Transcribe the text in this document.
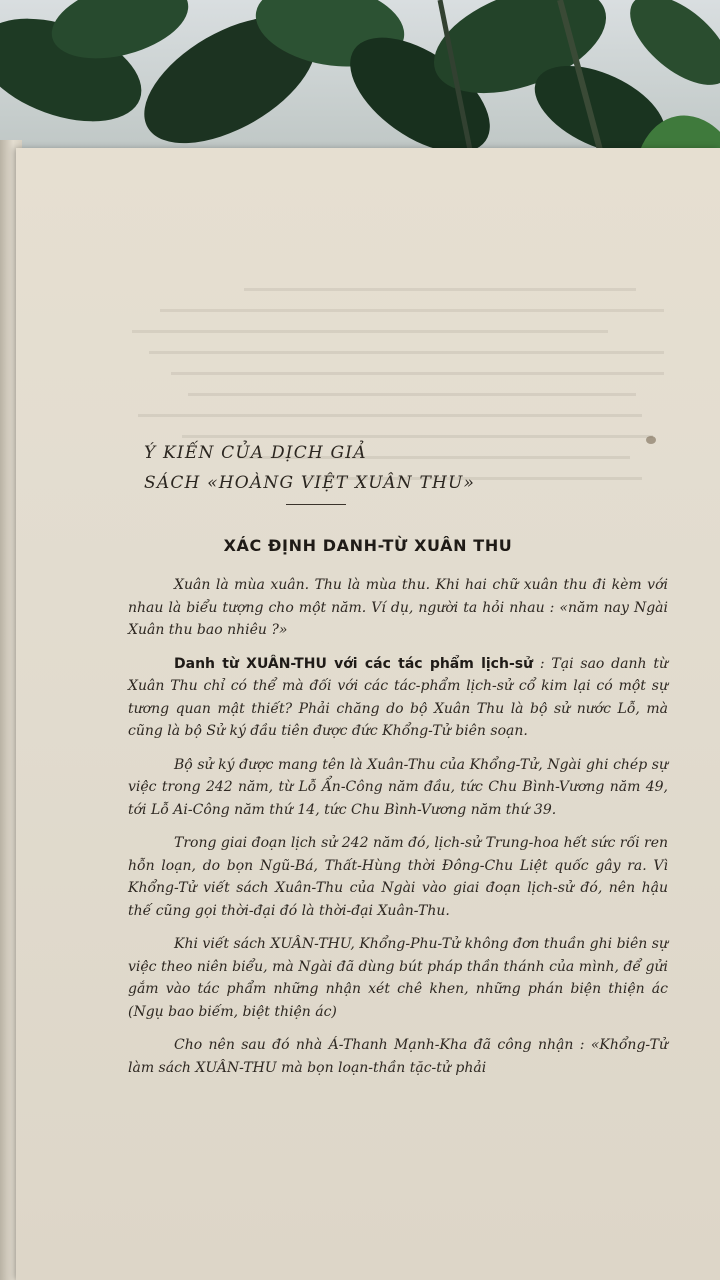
Ý KIẾN CỦA DỊCH GIẢ
SÁCH «HOÀNG VIỆT XUÂN THU»
XÁC ĐỊNH DANH-TỪ XUÂN THU

Xuân là mùa xuân. Thu là mùa thu. Khi hai chữ xuân thu đi kèm với nhau là biểu tượng cho một năm. Ví dụ, người ta hỏi nhau : «năm nay Ngài Xuân thu bao nhiêu ?»

Danh từ XUÂN-THU với các tác phẩm lịch-sử : Tại sao danh từ Xuân Thu chỉ có thể mà đối với các tác-phẩm lịch-sử cổ kim lại có một sự tương quan mật thiết? Phải chăng do bộ Xuân Thu là bộ sử nước Lỗ, mà cũng là bộ Sử ký đầu tiên được đức Khổng-Tử biên soạn.

Bộ sử ký được mang tên là Xuân-Thu của Khổng-Tử, Ngài ghi chép sự việc trong 242 năm, từ Lỗ Ẩn-Công năm đầu, tức Chu Bình-Vương năm 49, tới Lỗ Ai-Công năm thứ 14, tức Chu Bình-Vương năm thứ 39.

Trong giai đoạn lịch sử 242 năm đó, lịch-sử Trung-hoa hết sức rối ren hỗn loạn, do bọn Ngũ-Bá, Thất-Hùng thời Đông-Chu Liệt quốc gây ra. Vì Khổng-Tử viết sách Xuân-Thu của Ngài vào giai đoạn lịch-sử đó, nên hậu thế cũng gọi thời-đại đó là thời-đại Xuân-Thu.

Khi viết sách XUÂN-THU, Khổng-Phu-Tử không đơn thuần ghi biên sự việc theo niên biểu, mà Ngài đã dùng bút pháp thần thánh của mình, để gửi gắm vào tác phẩm những nhận xét chê khen, những phán biện thiện ác (Ngụ bao biếm, biệt thiện ác)

Cho nên sau đó nhà Á-Thanh Mạnh-Kha đã công nhận : «Khổng-Tử làm sách XUÂN-THU mà bọn loạn-thần tặc-tử phải
